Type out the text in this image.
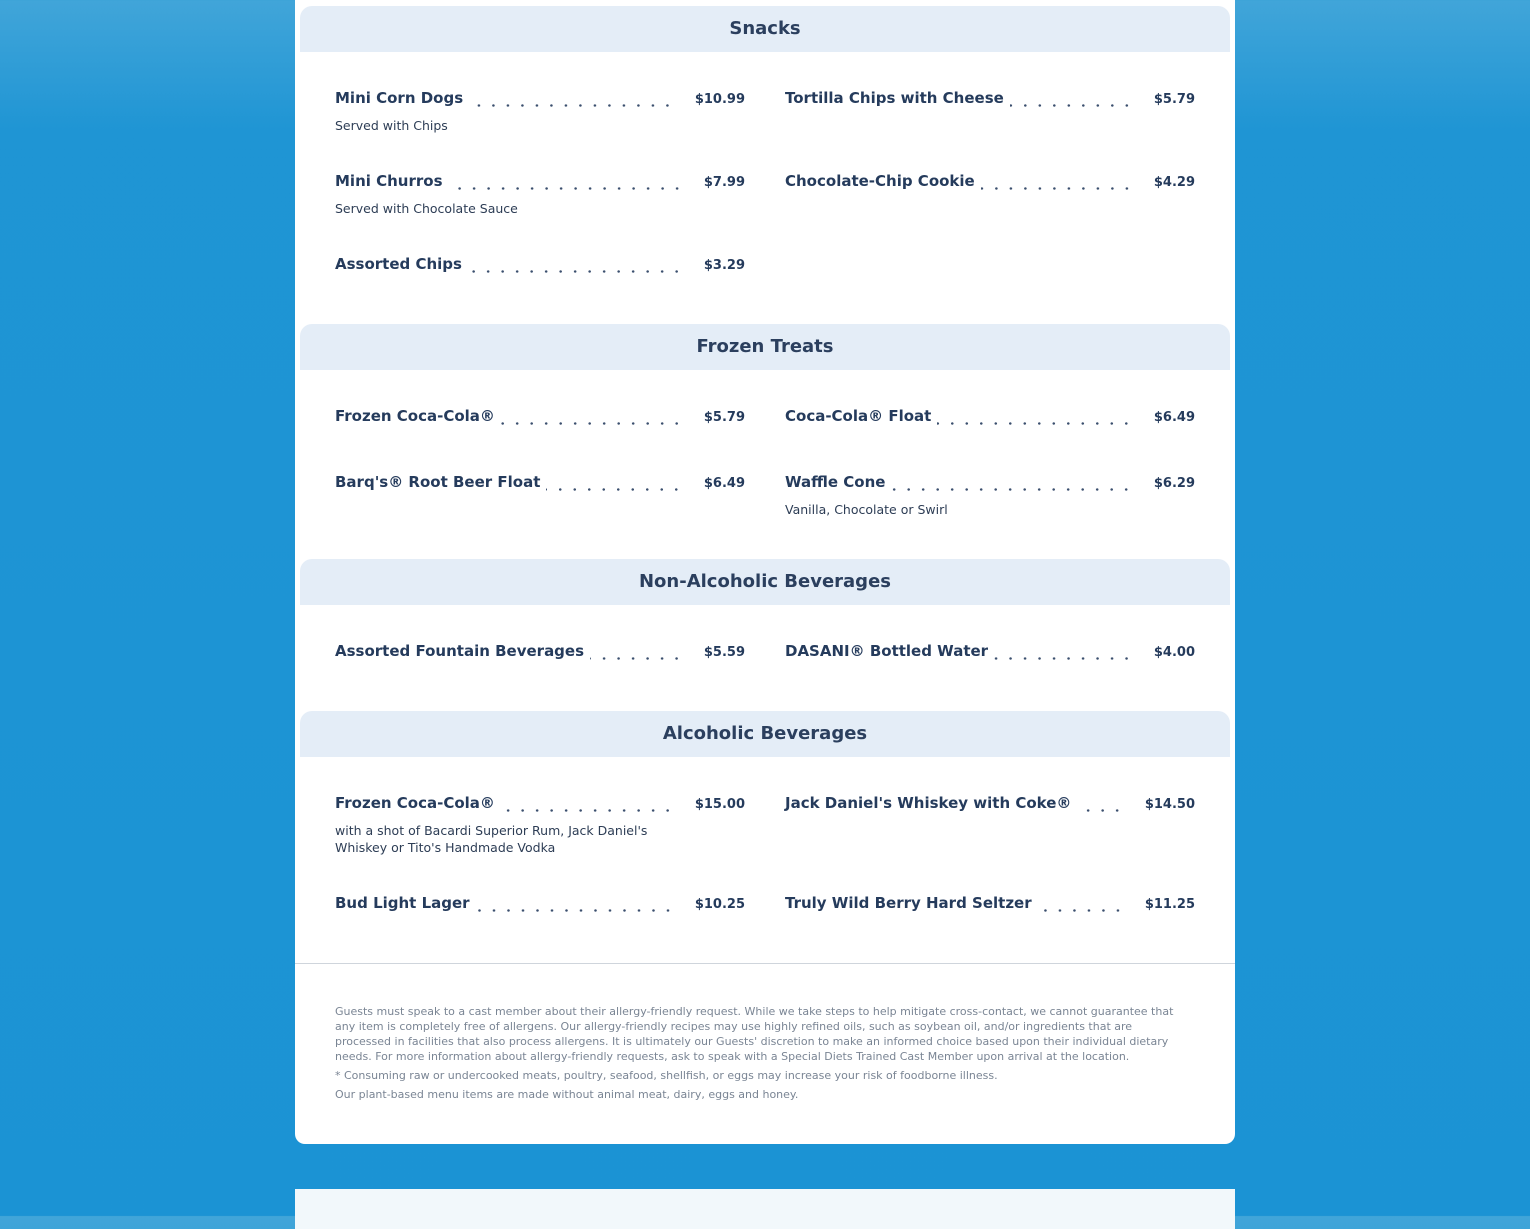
Snacks
Mini Corn Dogs	$10.99
Served with Chips
Tortilla Chips with Cheese	$5.79
Mini Churros	$7.99
Served with Chocolate Sauce
Chocolate-Chip Cookie	$4.29
Assorted Chips	$3.29
Frozen Treats
Frozen Coca-Cola®	$5.79	Coca-Cola® Float	$6.49
Barq's® Root Beer Float	$6.49	Waffle Cone	$6.29
Vanilla, Chocolate or Swirl
Non-Alcoholic Beverages
Assorted Fountain Beverages	$5.59	DASANI® Bottled Water	$4.00
Alcoholic Beverages
Frozen Coca-Cola®	$15.00
with a shot of Bacardi Superior Rum, Jack Daniel's Whiskey or Tito's Handmade Vodka
Jack Daniel's Whiskey with Coke®	$14.50
Bud Light Lager	$10.25	Truly Wild Berry Hard Seltzer	$11.25

Guests must speak to a cast member about their allergy-friendly request. While we take steps to help mitigate cross-contact, we cannot guarantee that any item is completely free of allergens. Our allergy-friendly recipes may use highly refined oils, such as soybean oil, and/or ingredients that are processed in facilities that also process allergens. It is ultimately our Guests' discretion to make an informed choice based upon their individual dietary needs. For more information about allergy-friendly requests, ask to speak with a Special Diets Trained Cast Member upon arrival at the location.

* Consuming raw or undercooked meats, poultry, seafood, shellfish, or eggs may increase your risk of foodborne illness.

Our plant-based menu items are made without animal meat, dairy, eggs and honey.
